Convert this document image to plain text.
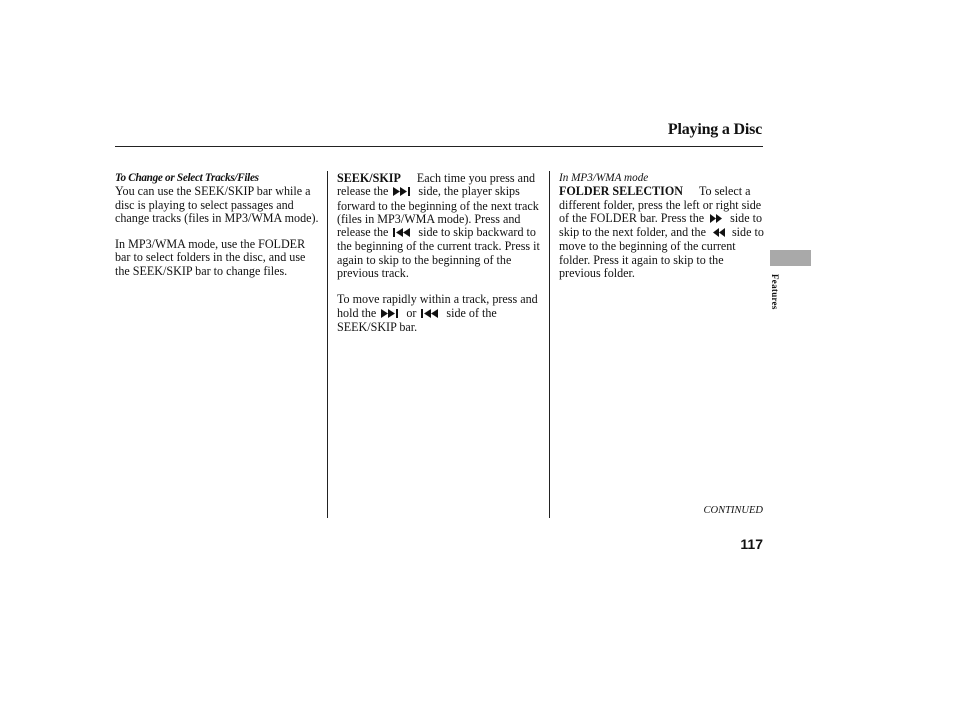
Playing a Disc
To Change or Select Tracks/Files

You can use the SEEK/SKIP bar while a disc is playing to select passages and change tracks (files in MP3/WMA mode).

In MP3/WMA mode, use the FOLDER bar to select folders in the disc, and use the SEEK/SKIP bar to change files.

SEEK/SKIP Each time you press and release the side, the player skips forward to the beginning of the next track (files in MP3/WMA mode). Press and release the side to skip backward to the beginning of the current track. Press it again to skip to the beginning of the previous track.

To move rapidly within a track, press and hold the or side of the SEEK/SKIP bar.

In MP3/WMA mode

FOLDER SELECTION To select a different folder, press the left or right side of the FOLDER bar. Press the side to skip to the next folder, and the side to move to the beginning of the current folder. Press it again to skip to the previous folder.

Features
CONTINUED
117
